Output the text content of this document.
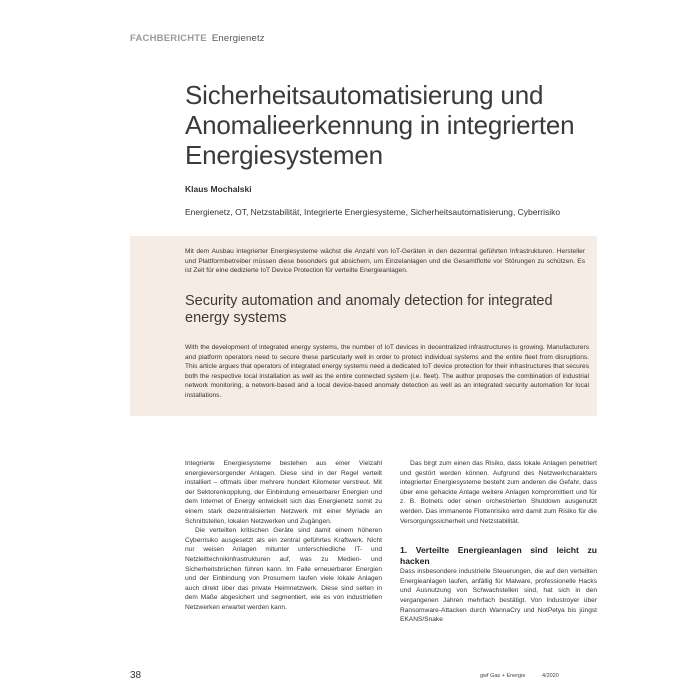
FACHBERICHTE Energienetz
Sicherheitsautomatisierung und Anomalieerkennung in integrierten Energiesystemen
Klaus Mochalski
Energienetz, OT, Netzstabilität, Integrierte Energiesysteme, Sicherheitsautomatisierung, Cyberrisiko
Mit dem Ausbau integrierter Energiesysteme wächst die Anzahl von IoT-Geräten in den dezentral geführten Infrastrukturen. Hersteller und Plattformbetreiber müssen diese besonders gut absichern, um Einzelanlagen und die Gesamtflotte vor Störungen zu schützen. Es ist Zeit für eine dedizierte IoT Device Protection für verteilte Energieanlagen.
Security automation and anomaly detection for integrated energy systems
With the development of integrated energy systems, the number of IoT devices in decentralized infrastructures is growing. Manufacturers and platform operators need to secure these particularly well in order to protect individual systems and the entire fleet from disruptions. This article argues that operators of integrated energy systems need a dedicated IoT device protection for their infrastructures that secures both the respective local installation as well as the entire connected system (i.e. fleet). The author proposes the combination of industrial network monitoring, a network-based and a local device-based anomaly detection as well as an integrated security automation for local installations.

Integrierte Energiesysteme bestehen aus einer Vielzahl energieversorgender Anlagen. Diese sind in der Regel verteilt installiert – oftmals über mehrere hundert Kilometer verstreut. Mit der Sektorenkopplung, der Einbindung erneuerbarer Energien und dem Internet of Energy entwickelt sich das Energienetz somit zu einem stark dezentralisierten Netzwerk mit einer Myriade an Schnittstellen, lokalen Netzwerken und Zugängen.

Die verteilten kritischen Geräte sind damit einem höheren Cyberrisiko ausgesetzt als ein zentral geführtes Kraftwerk. Nicht nur weisen Anlagen mitunter unterschiedliche IT- und Netzleittechnikinfrastrukturen auf, was zu Medien- und Sicherheitsbrüchen führen kann. Im Falle erneuerbarer Energien und der Einbindung von Prosumern laufen viele lokale Anlagen auch direkt über das private Heimnetzwerk. Diese sind selten in dem Maße abgesichert und segmentiert, wie es von industriellen Netzwerken erwartet werden kann.

Das birgt zum einen das Risiko, dass lokale Anlagen penetriert und gestört werden können. Aufgrund des Netzwerkcharakters integrierter Energiesysteme besteht zum anderen die Gefahr, dass über eine gehackte Anlage weitere Anlagen kompromittiert und für z. B. Botnets oder einen orchestrierten Shutdown ausgenutzt werden. Das immanente Flottenrisiko wird damit zum Risiko für die Versorgungssicherheit und Netzstabilität.

1. Verteilte Energieanlagen sind leicht zu hacken

Dass insbesondere industrielle Steuerungen, die auf den verteilten Energieanlagen laufen, anfällig für Malware, professionelle Hacks und Ausnutzung von Schwachstellen sind, hat sich in den vergangenen Jahren mehrfach bestätigt. Von Industroyer über Ransomware-Attacken durch WannaCry und NotPetya bis jüngst EKANS/Snake

38	gwf Gas + Energie	4/2020
